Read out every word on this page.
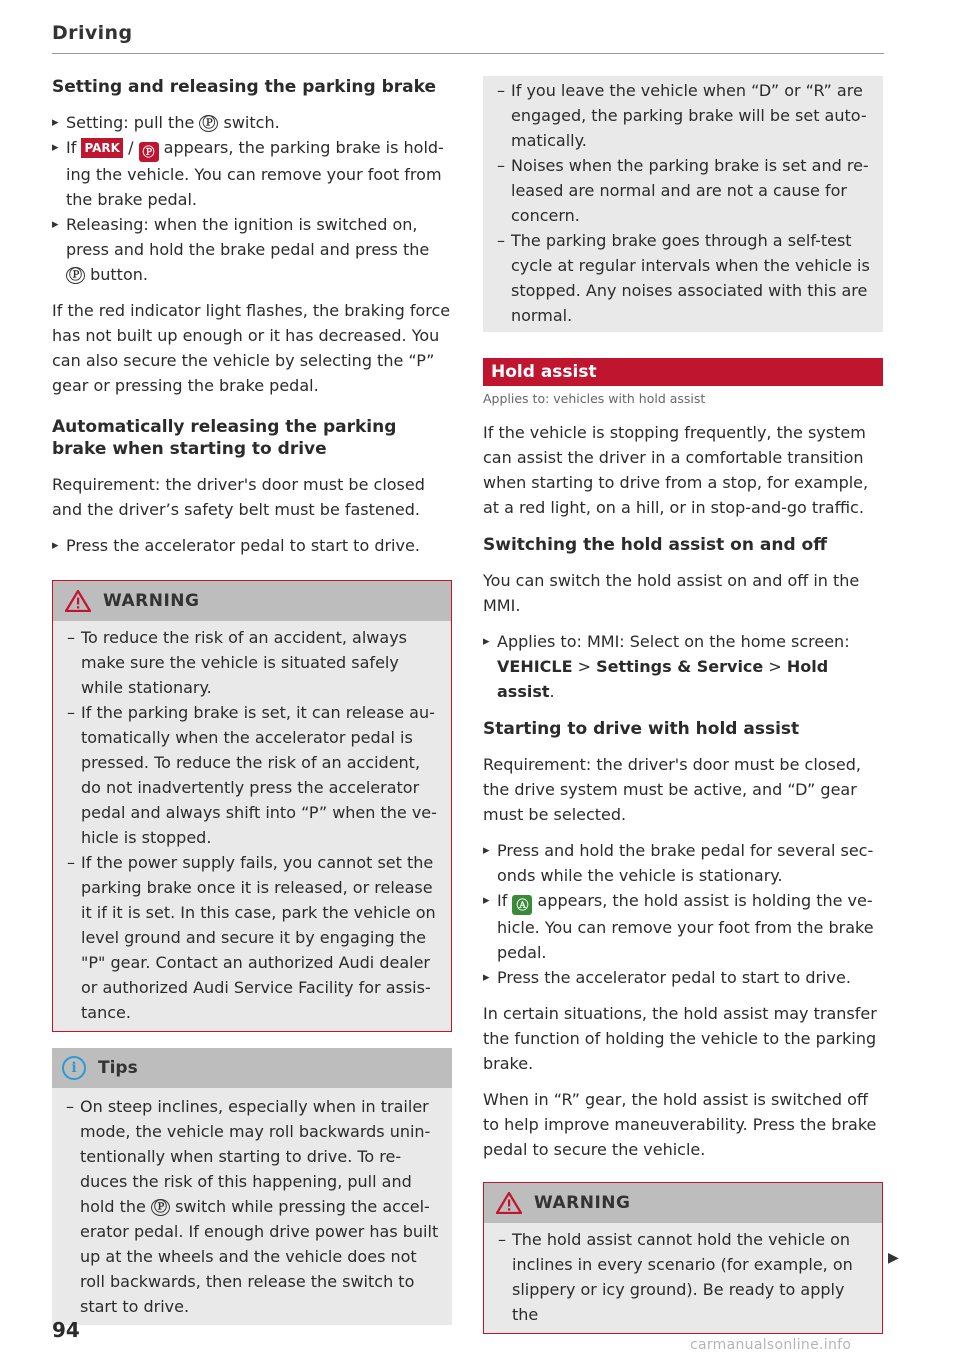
Driving
Setting and releasing the parking brake
▸ Setting: pull the Ⓟ switch.
▸ If PARK / Ⓟ appears, the parking brake is hold-ing the vehicle. You can remove your foot from the brake pedal.
▸ Releasing: when the ignition is switched on, press and hold the brake pedal and press the Ⓟ button.

If the red indicator light flashes, the braking force has not built up enough or it has decreased. You can also secure the vehicle by selecting the “P” gear or pressing the brake pedal.

Automatically releasing the parking brake when starting to drive

Requirement: the driver's door must be closed and the driver’s safety belt must be fastened.

▸ Press the accelerator pedal to start to drive.
WARNING
– To reduce the risk of an accident, always make sure the vehicle is situated safely while stationary.
– If the parking brake is set, it can release au-tomatically when the accelerator pedal is pressed. To reduce the risk of an accident, do not inadvertently press the accelerator pedal and always shift into “P” when the ve-hicle is stopped.
– If the power supply fails, you cannot set the parking brake once it is released, or release it if it is set. In this case, park the vehicle on level ground and secure it by engaging the "P" gear. Contact an authorized Audi dealer or authorized Audi Service Facility for assis-tance.
i	Tips
– On steep inclines, especially when in trailer mode, the vehicle may roll backwards unin-tentionally when starting to drive. To re-duces the risk of this happening, pull and hold the Ⓟ switch while pressing the accel-erator pedal. If enough drive power has built up at the wheels and the vehicle does not roll backwards, then release the switch to start to drive.
– If you leave the vehicle when “D” or “R” are engaged, the parking brake will be set auto-matically.
– Noises when the parking brake is set and re-leased are normal and are not a cause for concern.
– The parking brake goes through a self-test cycle at regular intervals when the vehicle is stopped. Any noises associated with this are normal.
Hold assist
Applies to: vehicles with hold assist

If the vehicle is stopping frequently, the system can assist the driver in a comfortable transition when starting to drive from a stop, for example, at a red light, on a hill, or in stop-and-go traffic.

Switching the hold assist on and off

You can switch the hold assist on and off in the MMI.

▸ Applies to: MMI: Select on the home screen: VEHICLE > Settings & Service > Hold assist.
Starting to drive with hold assist

Requirement: the driver's door must be closed, the drive system must be active, and “D” gear must be selected.

▸ Press and hold the brake pedal for several sec-onds while the vehicle is stationary.
▸ If Ⓐ appears, the hold assist is holding the ve-hicle. You can remove your foot from the brake pedal.
▸ Press the accelerator pedal to start to drive.

In certain situations, the hold assist may transfer the function of holding the vehicle to the parking brake.

When in “R” gear, the hold assist is switched off to help improve maneuverability. Press the brake pedal to secure the vehicle.

WARNING
– The hold assist cannot hold the vehicle on inclines in every scenario (for example, on slippery or icy ground). Be ready to apply the
▶
94
carmanualsonline.info
